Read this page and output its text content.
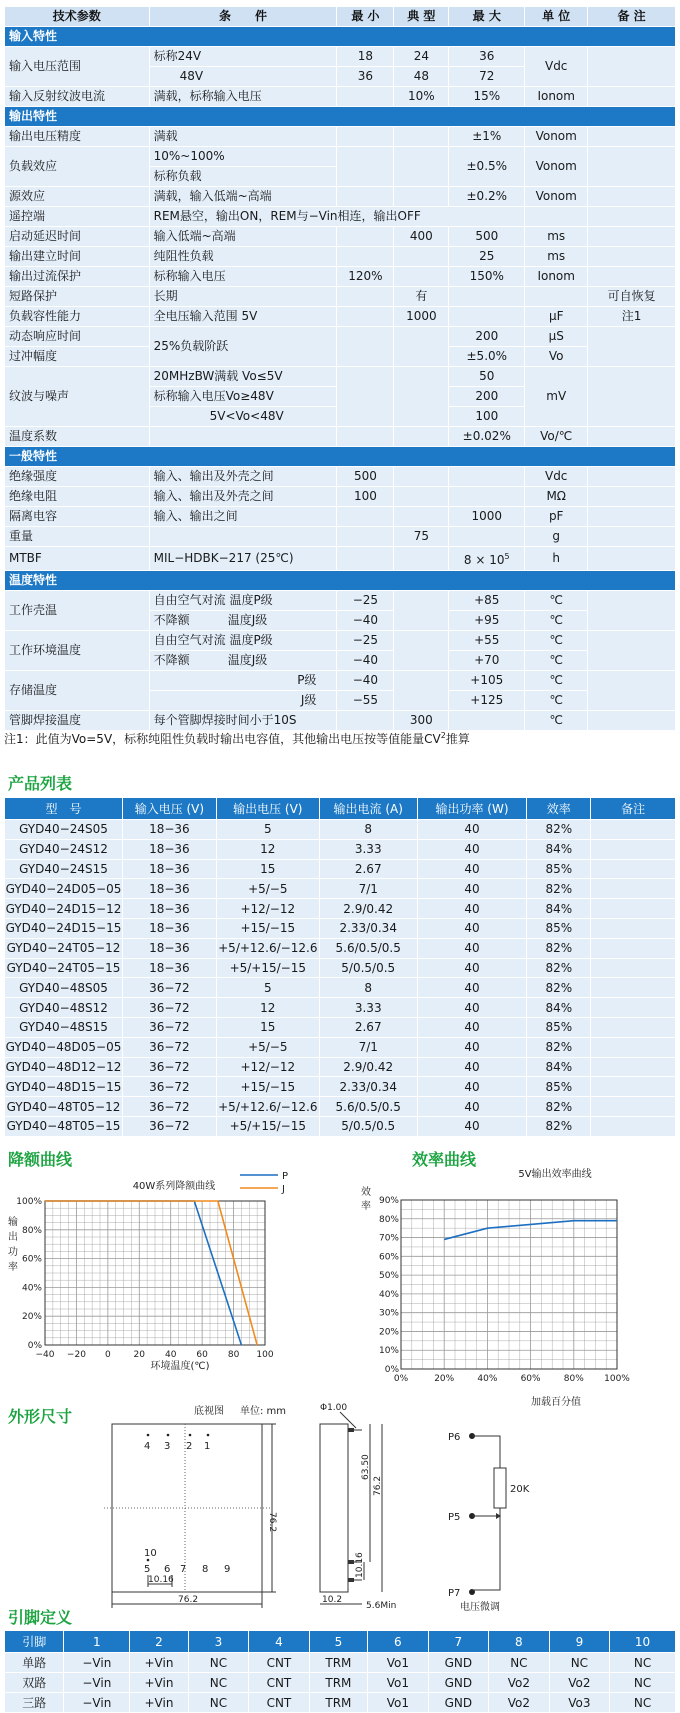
技术参数	条　　件	最 小	典 型	最 大	单 位	备 注
输入特性						
输入电压范围	标称24V	18	24	36	Vdc	
	48V	36	48	72		
输入反射纹波电流	满载，标称输入电压		10%	15%	Ionom	
输出特性						
输出电压精度	满载			±1%	Vonom	
负载效应	10%~100%			±0.5%	Vonom	
	标称负载					
源效应	满载，输入低端~高端			±0.2%	Vonom	
遥控端	REM悬空，输出ON，REM与−Vin相连，输出OFF					
启动延迟时间	输入低端~高端		400	500	ms	
输出建立时间	纯阻性负载			25	ms	
输出过流保护	标称输入电压	120%		150%	Ionom	
短路保护	长期		有			可自恢复
负载容性能力	全电压输入范围 5V		1000		μF	注1
动态响应时间	25%负载阶跃			200	μS	
过冲幅度				±5.0%	Vo	
纹波与噪声	20MHzBW满载 Vo≤5V			50	mV	
	标称输入电压Vo≥48V			200		
	5V<Vo<48V			100		
温度系数				±0.02%	Vo/℃	
一般特性						
绝缘强度	输入、输出及外壳之间	500			Vdc	
绝缘电阻	输入、输出及外壳之间	100			MΩ	
隔离电容	输入、输出之间			1000	pF	
重量			75		g	
MTBF	MIL−HDBK−217 (25℃)			$8 \times 10^5$	h	
温度特性						
工作壳温	自由空气对流 温度P级	−25		+85	℃	
	不降额          温度J级	−40		+95	℃	
工作环境温度	自由空气对流 温度P级	−25		+55	℃	
	不降额          温度J级	−40		+70	℃	
存储温度	P级	−40		+105	℃	
	J级	−55		+125	℃	
管脚焊接温度	每个管脚焊接时间小于10S		300		℃	
注1：此值为Vo=5V，标称纯阻性负载时输出电容值，其他输出电压按等值能量$CV^2$推算
产品列表
型　号	输入电压 (V)	输出电压 (V)	输出电流 (A)	输出功率 (W)	效率	备注
GYD40−24S05	18−36	5	8	40	82%	
GYD40−24S12	18−36	12	3.33	40	84%	
GYD40−24S15	18−36	15	2.67	40	85%	
GYD40−24D05−05	18−36	+5/−5	7/1	40	82%	
GYD40−24D15−12	18−36	+12/−12	2.9/0.42	40	84%	
GYD40−24D15−15	18−36	+15/−15	2.33/0.34	40	85%	
GYD40−24T05−12	18−36	+5/+12.6/−12.6	5.6/0.5/0.5	40	82%	
GYD40−24T05−15	18−36	+5/+15/−15	5/0.5/0.5	40	82%	
GYD40−48S05	36−72	5	8	40	82%	
GYD40−48S12	36−72	12	3.33	40	84%	
GYD40−48S15	36−72	15	2.67	40	85%	
GYD40−48D05−05	36−72	+5/−5	7/1	40	82%	
GYD40−48D12−12	36−72	+12/−12	2.9/0.42	40	84%	
GYD40−48D15−15	36−72	+15/−15	2.33/0.34	40	85%	
GYD40−48T05−12	36−72	+5/+12.6/−12.6	5.6/0.5/0.5	40	82%	
GYD40−48T05−15	36−72	+5/+15/−15	5/0.5/0.5	40	82%	
降额曲线
40W系列降额曲线
−40 −20 0	20 40 60 80 100
0%
20%
40%
60%
80%
100%
输
出
功
率
环境温度(℃)
P
J
效率曲线
5V输出效率曲线
0%	20%	40%	60%	80% 100%
0%
10%
20%
30%
40%
50%
60%
70%
80%
90%
效
率
加载百分值
外形尺寸	底视图 单位: mm
4 3 2 1
10
5 6 7 8 9
10.16
76.2
76.2
Φ1.00
63.50
76.2
10.16
10.2
5.6Min
P6
P5
P7
20K
电压微调
引脚定义
引脚	1	2	3	4	5	6	7	8	9	10
单路	−Vin	+Vin	NC	CNT	TRM	Vo1	GND	NC	NC	NC
双路	−Vin	+Vin	NC	CNT	TRM	Vo1	GND	Vo2	Vo2	NC
三路	−Vin	+Vin	NC	CNT	TRM	Vo1	GND	Vo2	Vo3	NC
